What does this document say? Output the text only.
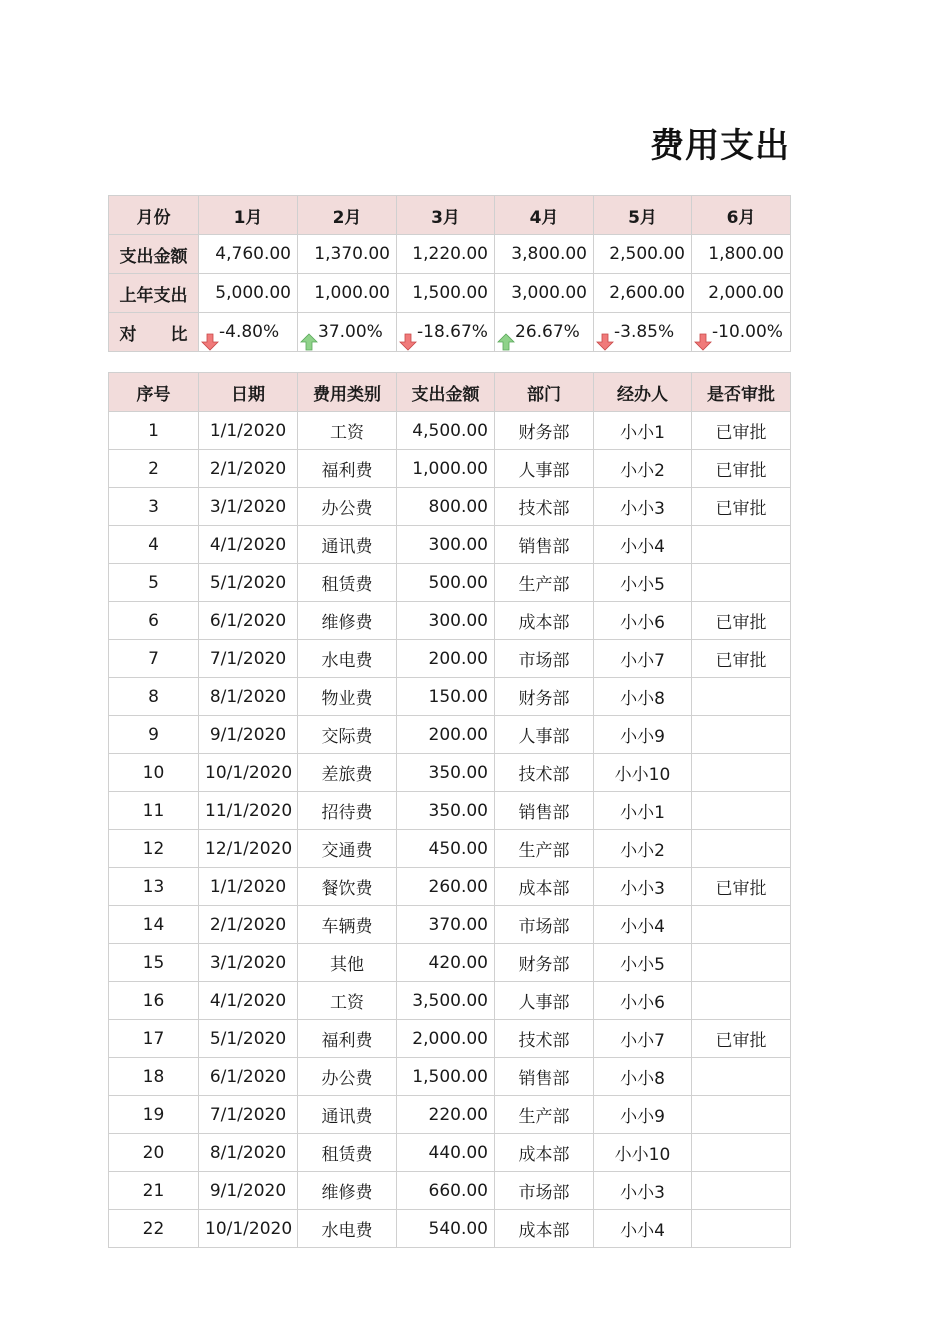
费用支出
月份	1月	2月	3月	4月	5月	6月
支出金额	4,760.00	1,370.00	1,220.00	3,800.00	2,500.00	1,800.00
上年支出	5,000.00	1,000.00	1,500.00	3,000.00	2,600.00	2,000.00
对　　比	-4.80%	37.00%	-18.67%	26.67%	-3.85%	-10.00%
序号	日期	费用类别	支出金额	部门	经办人	是否审批
1	1/1/2020	工资	4,500.00	财务部	小小1	已审批
2	2/1/2020	福利费	1,000.00	人事部	小小2	已审批
3	3/1/2020	办公费	800.00	技术部	小小3	已审批
4	4/1/2020	通讯费	300.00	销售部	小小4	
5	5/1/2020	租赁费	500.00	生产部	小小5	
6	6/1/2020	维修费	300.00	成本部	小小6	已审批
7	7/1/2020	水电费	200.00	市场部	小小7	已审批
8	8/1/2020	物业费	150.00	财务部	小小8	
9	9/1/2020	交际费	200.00	人事部	小小9	
10	10/1/2020	差旅费	350.00	技术部	小小10	
11	11/1/2020	招待费	350.00	销售部	小小1	
12	12/1/2020	交通费	450.00	生产部	小小2	
13	1/1/2020	餐饮费	260.00	成本部	小小3	已审批
14	2/1/2020	车辆费	370.00	市场部	小小4	
15	3/1/2020	其他	420.00	财务部	小小5	
16	4/1/2020	工资	3,500.00	人事部	小小6	
17	5/1/2020	福利费	2,000.00	技术部	小小7	已审批
18	6/1/2020	办公费	1,500.00	销售部	小小8	
19	7/1/2020	通讯费	220.00	生产部	小小9	
20	8/1/2020	租赁费	440.00	成本部	小小10	
21	9/1/2020	维修费	660.00	市场部	小小3	
22	10/1/2020	水电费	540.00	成本部	小小4	
